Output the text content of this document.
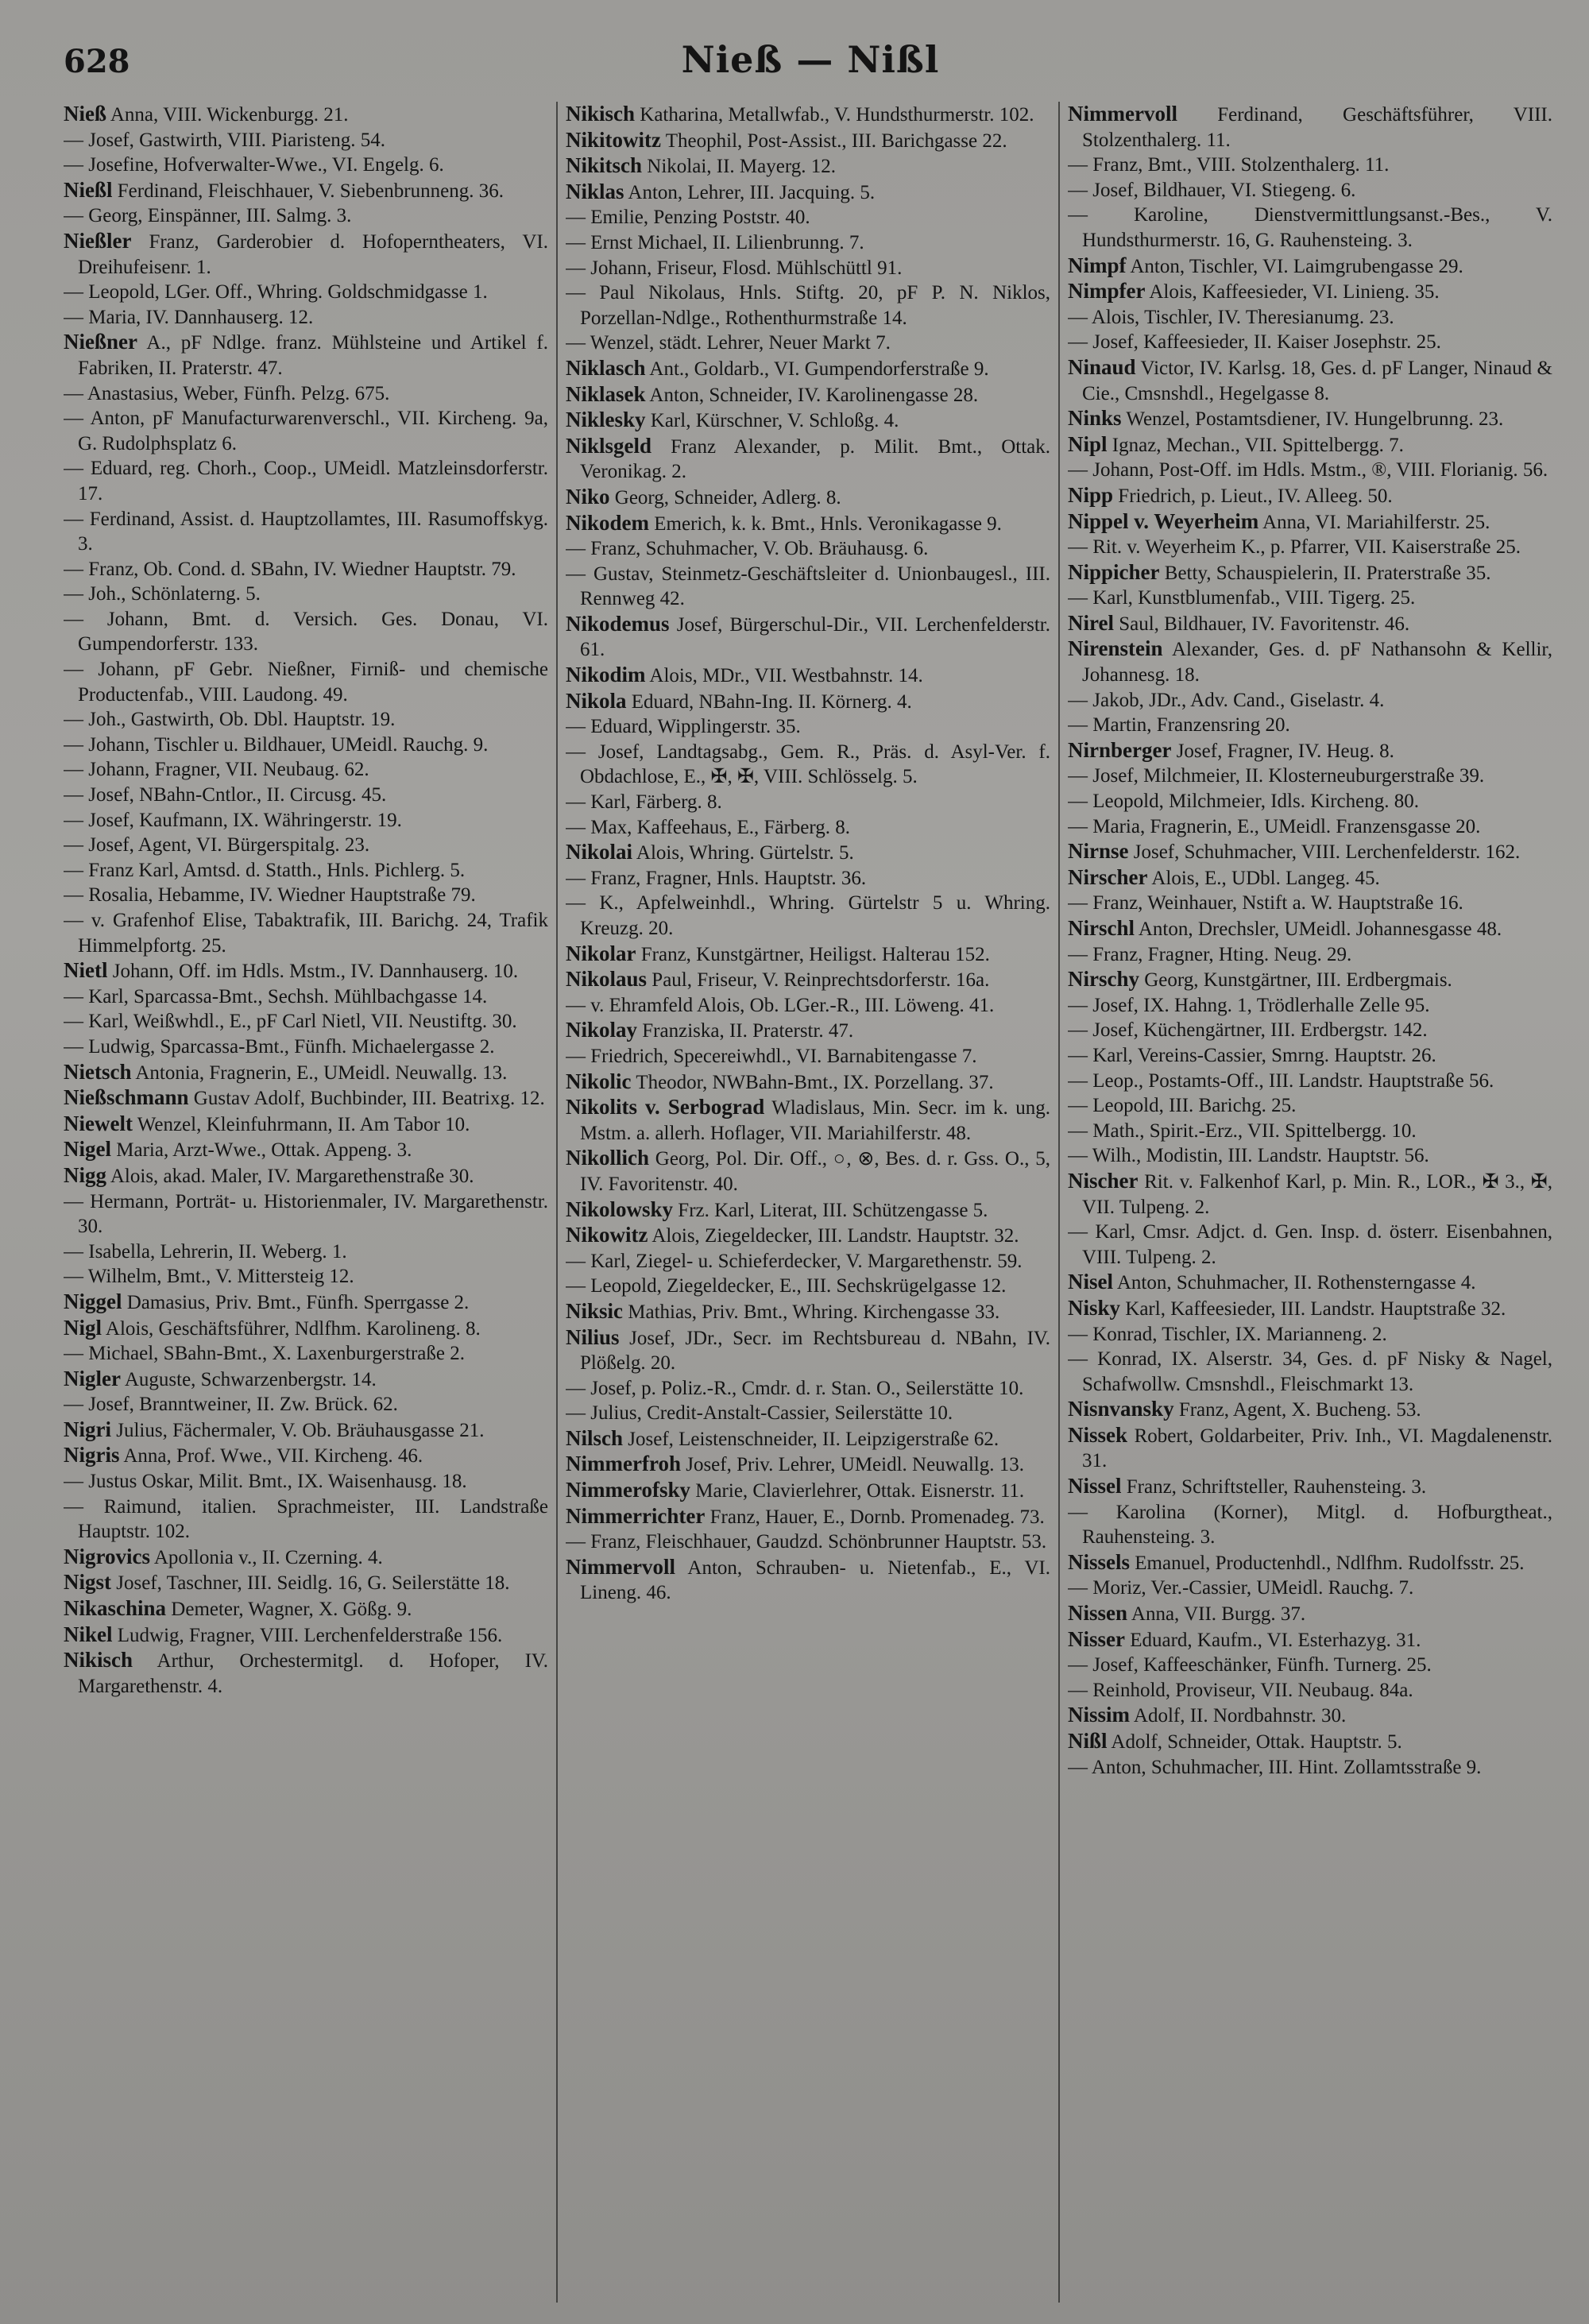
628	Nieß — Nißl

Nieß Anna, VIII. Wickenburgg. 21.

— Josef, Gastwirth, VIII. Piaristeng. 54.

— Josefine, Hofverwalter-Wwe., VI. Engelg. 6.

Nießl Ferdinand, Fleischhauer, V. Siebenbrunneng. 36.

— Georg, Einspänner, III. Salmg. 3.

Nießler Franz, Garderobier d. Hofoperntheaters, VI. Dreihufeisenг. 1.

— Leopold, LGer. Off., Whring. Goldschmidgasse 1.

— Maria, IV. Dannhauserg. 12.

Nießner A., pF Ndlge. franz. Mühlsteine und Artikel f. Fabriken, II. Praterstr. 47.

— Anastasius, Weber, Fünfh. Pelzg. 675.

— Anton, pF Manufacturwarenverschl., VII. Kircheng. 9a, G. Rudolphsplatz 6.

— Eduard, reg. Chorh., Coop., UMeidl. Matzleinsdorferstr. 17.

— Ferdinand, Assist. d. Hauptzollamtes, III. Rasumoffskyg. 3.

— Franz, Ob. Cond. d. SBahn, IV. Wiedner Hauptstr. 79.

— Joh., Schönlaterng. 5.

— Johann, Bmt. d. Versich. Ges. Donau, VI. Gumpendorferstr. 133.

— Johann, pF Gebr. Nießner, Firniß- und chemische Productenfab., VIII. Laudong. 49.

— Joh., Gastwirth, Ob. Dbl. Hauptstr. 19.

— Johann, Tischler u. Bildhauer, UMeidl. Rauchg. 9.

— Johann, Fragner, VII. Neubaug. 62.

— Josef, NBahn-Cntlor., II. Circusg. 45.

— Josef, Kaufmann, IX. Währingerstr. 19.

— Josef, Agent, VI. Bürgerspitalg. 23.

— Franz Karl, Amtsd. d. Statth., Hnls. Pichlerg. 5.

— Rosalia, Hebamme, IV. Wiedner Hauptstraße 79.

— v. Grafenhof Elise, Tabaktrafik, III. Barichg. 24, Trafik Himmelpfortg. 25.

Nietl Johann, Off. im Hdls. Mstm., IV. Dannhauserg. 10.

— Karl, Sparcassa-Bmt., Sechsh. Mühlbachgasse 14.

— Karl, Weißwhdl., E., pF Carl Nietl, VII. Neustiftg. 30.

— Ludwig, Sparcassa-Bmt., Fünfh. Michaelergasse 2.

Nietsch Antonia, Fragnerin, E., UMeidl. Neuwallg. 13.

Nießschmann Gustav Adolf, Buchbinder, III. Beatrixg. 12.

Niewelt Wenzel, Kleinfuhrmann, II. Am Tabor 10.

Nigel Maria, Arzt-Wwe., Ottak. Appeng. 3.

Nigg Alois, akad. Maler, IV. Margarethenstraße 30.

— Hermann, Porträt- u. Historienmaler, IV. Margarethenstr. 30.

— Isabella, Lehrerin, II. Weberg. 1.

— Wilhelm, Bmt., V. Mittersteig 12.

Niggel Damasius, Priv. Bmt., Fünfh. Sperrgasse 2.

Nigl Alois, Geschäftsführer, Ndlfhm. Karolineng. 8.

— Michael, SBahn-Bmt., X. Laxenburgerstraße 2.

Nigler Auguste, Schwarzenbergstr. 14.

— Josef, Branntweiner, II. Zw. Brück. 62.

Nigri Julius, Fächermaler, V. Ob. Bräuhausgasse 21.

Nigris Anna, Prof. Wwe., VII. Kircheng. 46.

— Justus Oskar, Milit. Bmt., IX. Waisenhausg. 18.

— Raimund, italien. Sprachmeister, III. Landstraße Hauptstr. 102.

Nigrovics Apollonia v., II. Czerning. 4.

Nigst Josef, Taschner, III. Seidlg. 16, G. Seilerstätte 18.

Nikaschina Demeter, Wagner, X. Gößg. 9.

Nikel Ludwig, Fragner, VIII. Lerchenfelderstraße 156.

Nikisch Arthur, Orchestermitgl. d. Hofoper, IV. Margarethenstr. 4.

Nikisch Katharina, Metallwfab., V. Hundsthurmerstr. 102.

Nikitowitz Theophil, Post-Assist., III. Barichgasse 22.

Nikitsch Nikolai, II. Mayerg. 12.

Niklas Anton, Lehrer, III. Jacquing. 5.

— Emilie, Penzing Poststr. 40.

— Ernst Michael, II. Lilienbrunng. 7.

— Johann, Friseur, Flosd. Mühlschüttl 91.

— Paul Nikolaus, Hnls. Stiftg. 20, pF P. N. Niklos, Porzellan-Ndlge., Rothenthurmstraße 14.

— Wenzel, städt. Lehrer, Neuer Markt 7.

Niklasch Ant., Goldarb., VI. Gumpendorferstraße 9.

Niklasek Anton, Schneider, IV. Karolinengasse 28.

Niklesky Karl, Kürschner, V. Schloßg. 4.

Niklsgeld Franz Alexander, p. Milit. Bmt., Ottak. Veronikag. 2.

Niko Georg, Schneider, Adlerg. 8.

Nikodem Emerich, k. k. Bmt., Hnls. Veronikagasse 9.

— Franz, Schuhmacher, V. Ob. Bräuhausg. 6.

— Gustav, Steinmetz-Geschäftsleiter d. Unionbaugesl., III. Rennweg 42.

Nikodemus Josef, Bürgerschul-Dir., VII. Lerchenfelderstr. 61.

Nikodim Alois, MDr., VII. Westbahnstr. 14.

Nikola Eduard, NBahn-Ing. II. Körnerg. 4.

— Eduard, Wipplingerstr. 35.

— Josef, Landtagsabg., Gem. R., Präs. d. Asyl-Ver. f. Obdachlose, E., ✠, ✠, VIII. Schlösselg. 5.

— Karl, Färberg. 8.

— Max, Kaffeehaus, E., Färberg. 8.

Nikolai Alois, Whring. Gürtelstr. 5.

— Franz, Fragner, Hnls. Hauptstr. 36.

— K., Apfelweinhdl., Whring. Gürtelstr 5 u. Whring. Kreuzg. 20.

Nikolar Franz, Kunstgärtner, Heiligst. Halterau 152.

Nikolaus Paul, Friseur, V. Reinprechtsdorferstr. 16a.

— v. Ehramfeld Alois, Ob. LGer.-R., III. Löweng. 41.

Nikolay Franziska, II. Praterstr. 47.

— Friedrich, Specereiwhdl., VI. Barnabitengasse 7.

Nikolic Theodor, NWBahn-Bmt., IX. Porzellang. 37.

Nikolits v. Serbograd Wladislaus, Min. Secr. im k. ung. Mstm. a. allerh. Hoflager, VII. Mariahilferstr. 48.

Nikollich Georg, Pol. Dir. Off., ○, ⊗, Bes. d. r. Gss. O., 5, IV. Favoritenstr. 40.

Nikolowsky Frz. Karl, Literat, III. Schützengasse 5.

Nikowitz Alois, Ziegeldecker, III. Landstr. Hauptstr. 32.

— Karl, Ziegel- u. Schieferdecker, V. Margarethenstr. 59.

— Leopold, Ziegeldecker, E., III. Sechskrügelgasse 12.

Niksic Mathias, Priv. Bmt., Whring. Kirchengasse 33.

Nilius Josef, JDr., Secr. im Rechtsbureau d. NBahn, IV. Plößelg. 20.

— Josef, p. Poliz.-R., Cmdr. d. r. Stan. O., Seilerstätte 10.

— Julius, Credit-Anstalt-Cassier, Seilerstätte 10.

Nilsch Josef, Leistenschneider, II. Leipzigerstraße 62.

Nimmerfroh Josef, Priv. Lehrer, UMeidl. Neuwallg. 13.

Nimmerofsky Marie, Clavierlehrer, Ottak. Eisnerstr. 11.

Nimmerrichter Franz, Hauer, E., Dornb. Promenadeg. 73.

— Franz, Fleischhauer, Gaudzd. Schönbrunner Hauptstr. 53.

Nimmervoll Anton, Schrauben- u. Nietenfab., E., VI. Lineng. 46.

Nimmervoll Ferdinand, Geschäftsführer, VIII. Stolzenthalerg. 11.

— Franz, Bmt., VIII. Stolzenthalerg. 11.

— Josef, Bildhauer, VI. Stiegeng. 6.

— Karoline, Dienstvermittlungsanst.-Bes., V. Hundsthurmerstr. 16, G. Rauhensteing. 3.

Nimpf Anton, Tischler, VI. Laimgrubengasse 29.

Nimpfer Alois, Kaffeesieder, VI. Linieng. 35.

— Alois, Tischler, IV. Theresianumg. 23.

— Josef, Kaffeesieder, II. Kaiser Josephstr. 25.

Ninaud Victor, IV. Karlsg. 18, Ges. d. pF Langer, Ninaud & Cie., Cmsnshdl., Hegelgasse 8.

Ninks Wenzel, Postamtsdiener, IV. Hungelbrunng. 23.

Nipl Ignaz, Mechan., VII. Spittelbergg. 7.

— Johann, Post-Off. im Hdls. Mstm., ®, VIII. Florianig. 56.

Nipp Friedrich, p. Lieut., IV. Alleeg. 50.

Nippel v. Weyerheim Anna, VI. Mariahilferstr. 25.

— Rit. v. Weyerheim K., p. Pfarrer, VII. Kaiserstraße 25.

Nippicher Betty, Schauspielerin, II. Praterstraße 35.

— Karl, Kunstblumenfab., VIII. Tigerg. 25.

Nirel Saul, Bildhauer, IV. Favoritenstr. 46.

Nirenstein Alexander, Ges. d. pF Nathansohn & Kellir, Johannesg. 18.

— Jakob, JDr., Adv. Cand., Giselastr. 4.

— Martin, Franzensring 20.

Nirnberger Josef, Fragner, IV. Heug. 8.

— Josef, Milchmeier, II. Klosterneuburgerstraße 39.

— Leopold, Milchmeier, Idls. Kircheng. 80.

— Maria, Fragnerin, E., UMeidl. Franzensgasse 20.

Nirnse Josef, Schuhmacher, VIII. Lerchenfelderstr. 162.

Nirscher Alois, E., UDbl. Langeg. 45.

— Franz, Weinhauer, Nstift a. W. Hauptstraße 16.

Nirschl Anton, Drechsler, UMeidl. Johannesgasse 48.

— Franz, Fragner, Hting. Neug. 29.

Nirschy Georg, Kunstgärtner, III. Erdbergmais.

— Josef, IX. Hahng. 1, Trödlerhalle Zelle 95.

— Josef, Küchengärtner, III. Erdbergstr. 142.

— Karl, Vereins-Cassier, Smrng. Hauptstr. 26.

— Leop., Postamts-Off., III. Landstr. Hauptstraße 56.

— Leopold, III. Barichg. 25.

— Math., Spirit.-Erz., VII. Spittelbergg. 10.

— Wilh., Modistin, III. Landstr. Hauptstr. 56.

Nischer Rit. v. Falkenhof Karl, p. Min. R., LOR., ✠ 3., ✠, VII. Tulpeng. 2.

— Karl, Cmsr. Adjct. d. Gen. Insp. d. österr. Eisenbahnen, VIII. Tulpeng. 2.

Nisel Anton, Schuhmacher, II. Rothensterngasse 4.

Nisky Karl, Kaffeesieder, III. Landstr. Hauptstraße 32.

— Konrad, Tischler, IX. Marianneng. 2.

— Konrad, IX. Alserstr. 34, Ges. d. pF Nisky & Nagel, Schafwollw. Cmsnshdl., Fleischmarkt 13.

Nisnvansky Franz, Agent, X. Bucheng. 53.

Nissek Robert, Goldarbeiter, Priv. Inh., VI. Magdalenenstr. 31.

Nissel Franz, Schriftsteller, Rauhensteing. 3.

— Karolina (Korner), Mitgl. d. Hofburgtheat., Rauhensteing. 3.

Nissels Emanuel, Productenhdl., Ndlfhm. Rudolfsstr. 25.

— Moriz, Ver.-Cassier, UMeidl. Rauchg. 7.

Nissen Anna, VII. Burgg. 37.

Nisser Eduard, Kaufm., VI. Esterhazyg. 31.

— Josef, Kaffeeschänker, Fünfh. Turnerg. 25.

— Reinhold, Proviseur, VII. Neubaug. 84a.

Nissim Adolf, II. Nordbahnstr. 30.

Nißl Adolf, Schneider, Ottak. Hauptstr. 5.

— Anton, Schuhmacher, III. Hint. Zollamtsstraße 9.
